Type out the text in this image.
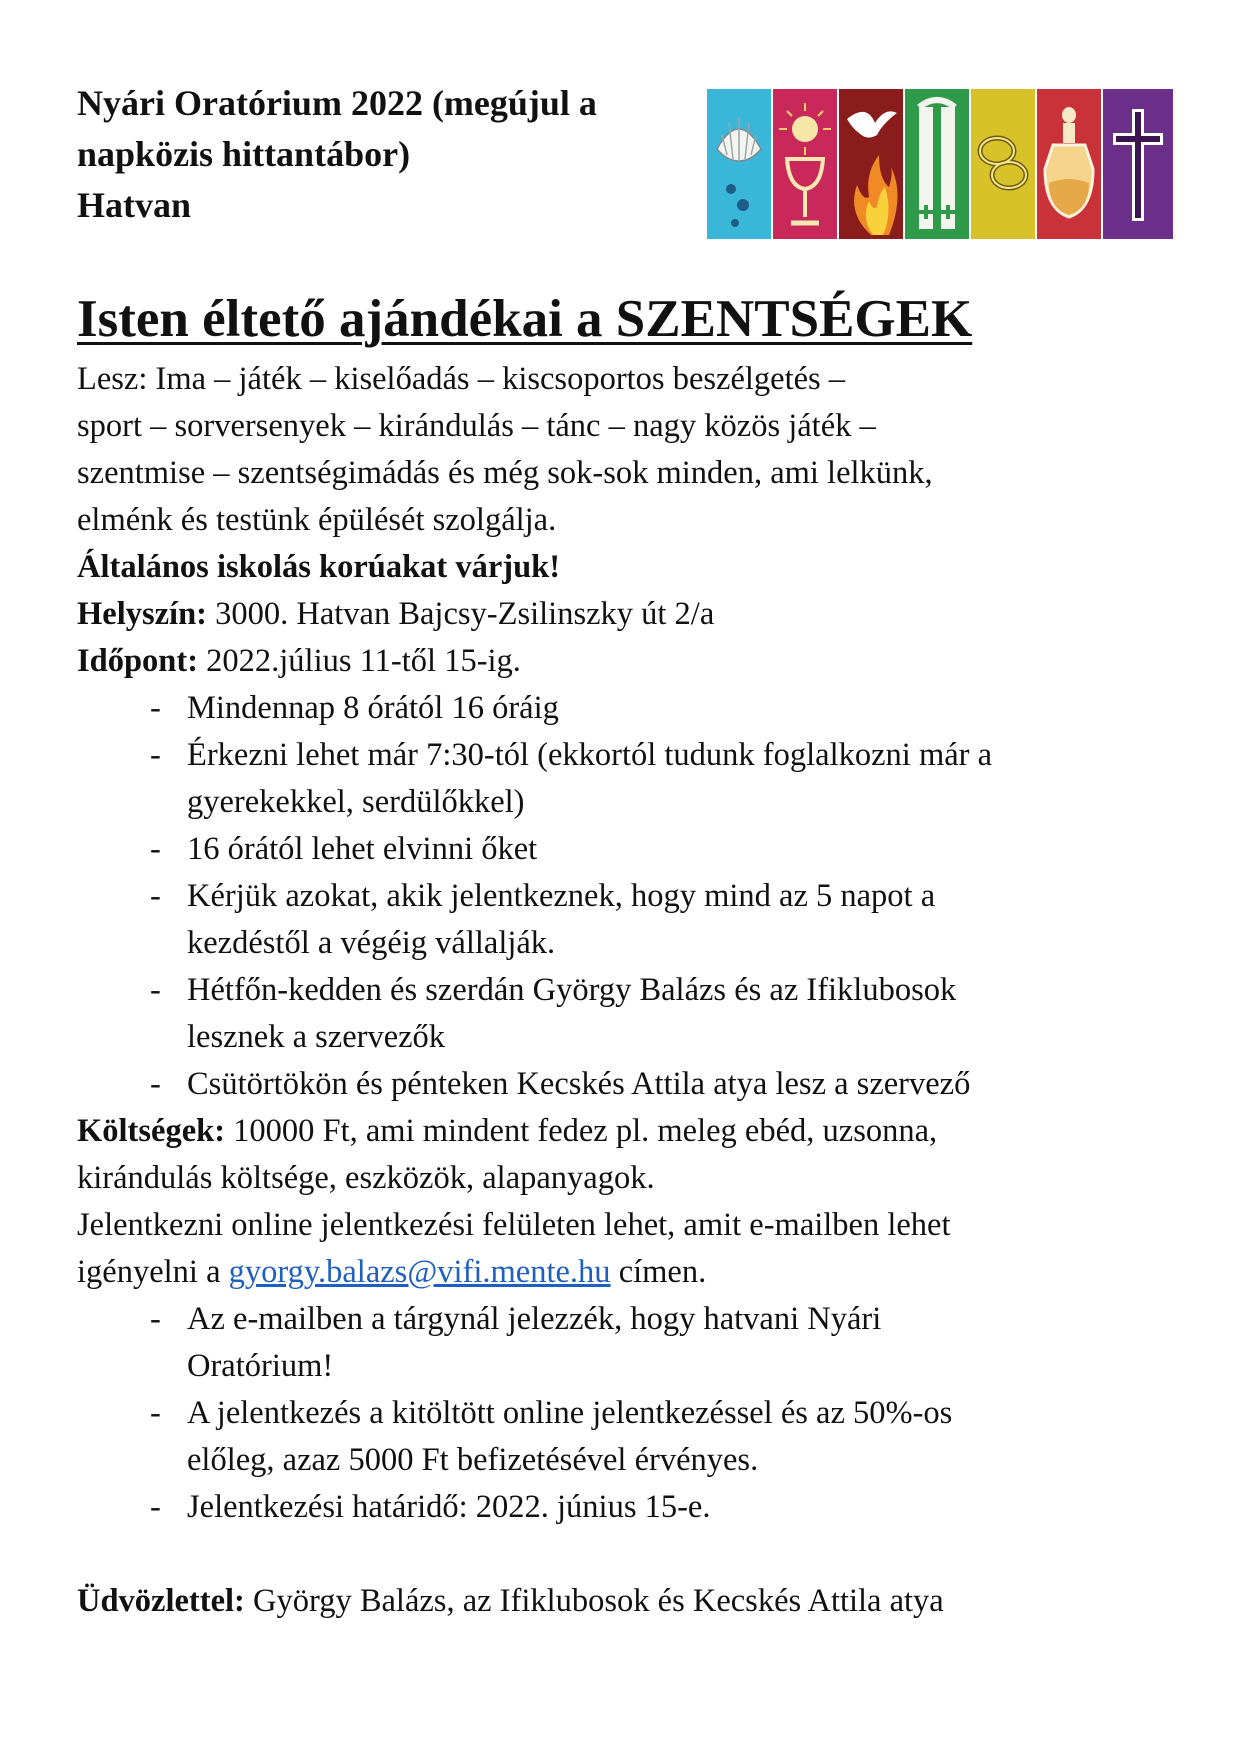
Nyári Oratórium 2022 (megújul a
napközis hittantábor)
Hatvan
Isten éltető ajándékai a SZENTSÉGEK

Lesz: Ima – játék – kiselőadás – kiscsoportos beszélgetés –

sport – sorversenyek – kirándulás – tánc – nagy közös játék –

szentmise – szentségimádás és még sok-sok minden, ami lelkünk,

elménk és testünk épülését szolgálja.

Általános iskolás korúakat várjuk!

Helyszín: 3000. Hatvan Bajcsy-Zsilinszky út 2/a

Időpont: 2022.július 11-től 15-ig.

- Mindennap 8 órától 16 óráig
- Érkezni lehet már 7:30-tól (ekkortól tudunk foglalkozni már a
gyerekekkel, serdülőkkel)
- 16 órától lehet elvinni őket
- Kérjük azokat, akik jelentkeznek, hogy mind az 5 napot a
kezdéstől a végéig vállalják.
- Hétfőn-kedden és szerdán György Balázs és az Ifiklubosok
lesznek a szervezők
- Csütörtökön és pénteken Kecskés Attila atya lesz a szervező

Költségek: 10000 Ft, ami mindent fedez pl. meleg ebéd, uzsonna,

kirándulás költsége, eszközök, alapanyagok.

Jelentkezni online jelentkezési felületen lehet, amit e-mailben lehet

igényelni a gyorgy.balazs@vifi.mente.hu címen.

- Az e-mailben a tárgynál jelezzék, hogy hatvani Nyári
Oratórium!
- A jelentkezés a kitöltött online jelentkezéssel és az 50%-os
előleg, azaz 5000 Ft befizetésével érvényes.
- Jelentkezési határidő: 2022. június 15-e.

Üdvözlettel: György Balázs, az Ifiklubosok és Kecskés Attila atya
